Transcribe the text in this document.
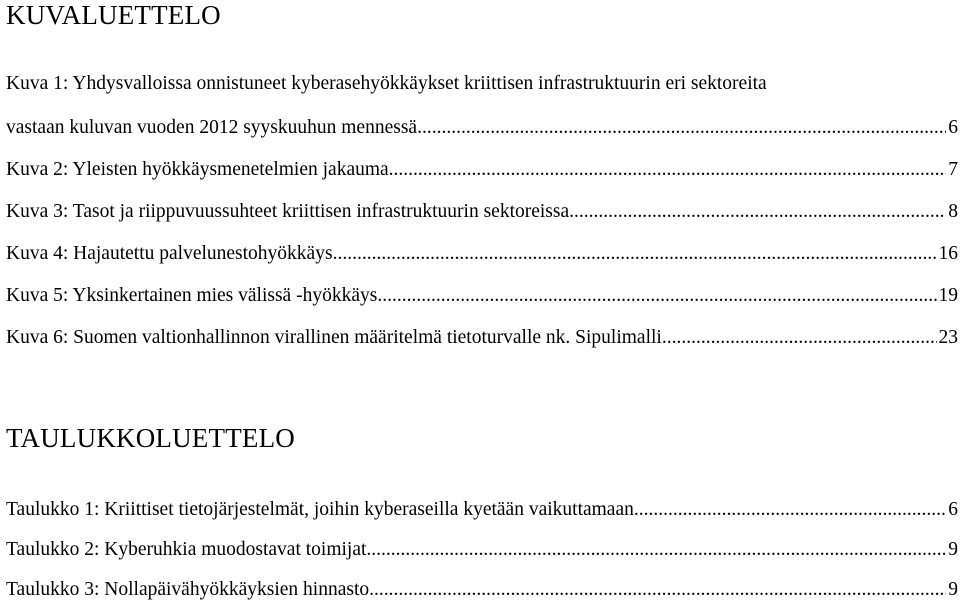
KUVALUETTELO
Kuva 1: Yhdysvalloissa onnistuneet kyberasehyökkäykset kriittisen infrastruktuurin eri sektoreita
vastaan kuluvan vuoden 2012 syyskuuhun mennessä .....	6
Kuva 2: Yleisten hyökkäysmenetelmien jakauma .....	7
Kuva 3: Tasot ja riippuvuussuhteet kriittisen infrastruktuurin sektoreissa .....	8
Kuva 4: Hajautettu palvelunestohyökkäys .....	16
Kuva 5: Yksinkertainen mies välissä -hyökkäys .....	19
Kuva 6: Suomen valtionhallinnon virallinen määritelmä tietoturvalle nk. Sipulimalli .....	23
TAULUKKOLUETTELO
Taulukko 1: Kriittiset tietojärjestelmät, joihin kyberaseilla kyetään vaikuttamaan .....	6
Taulukko 2: Kyberuhkia muodostavat toimijat .....	9
Taulukko 3: Nollapäivähyökkäyksien hinnasto .....	9
